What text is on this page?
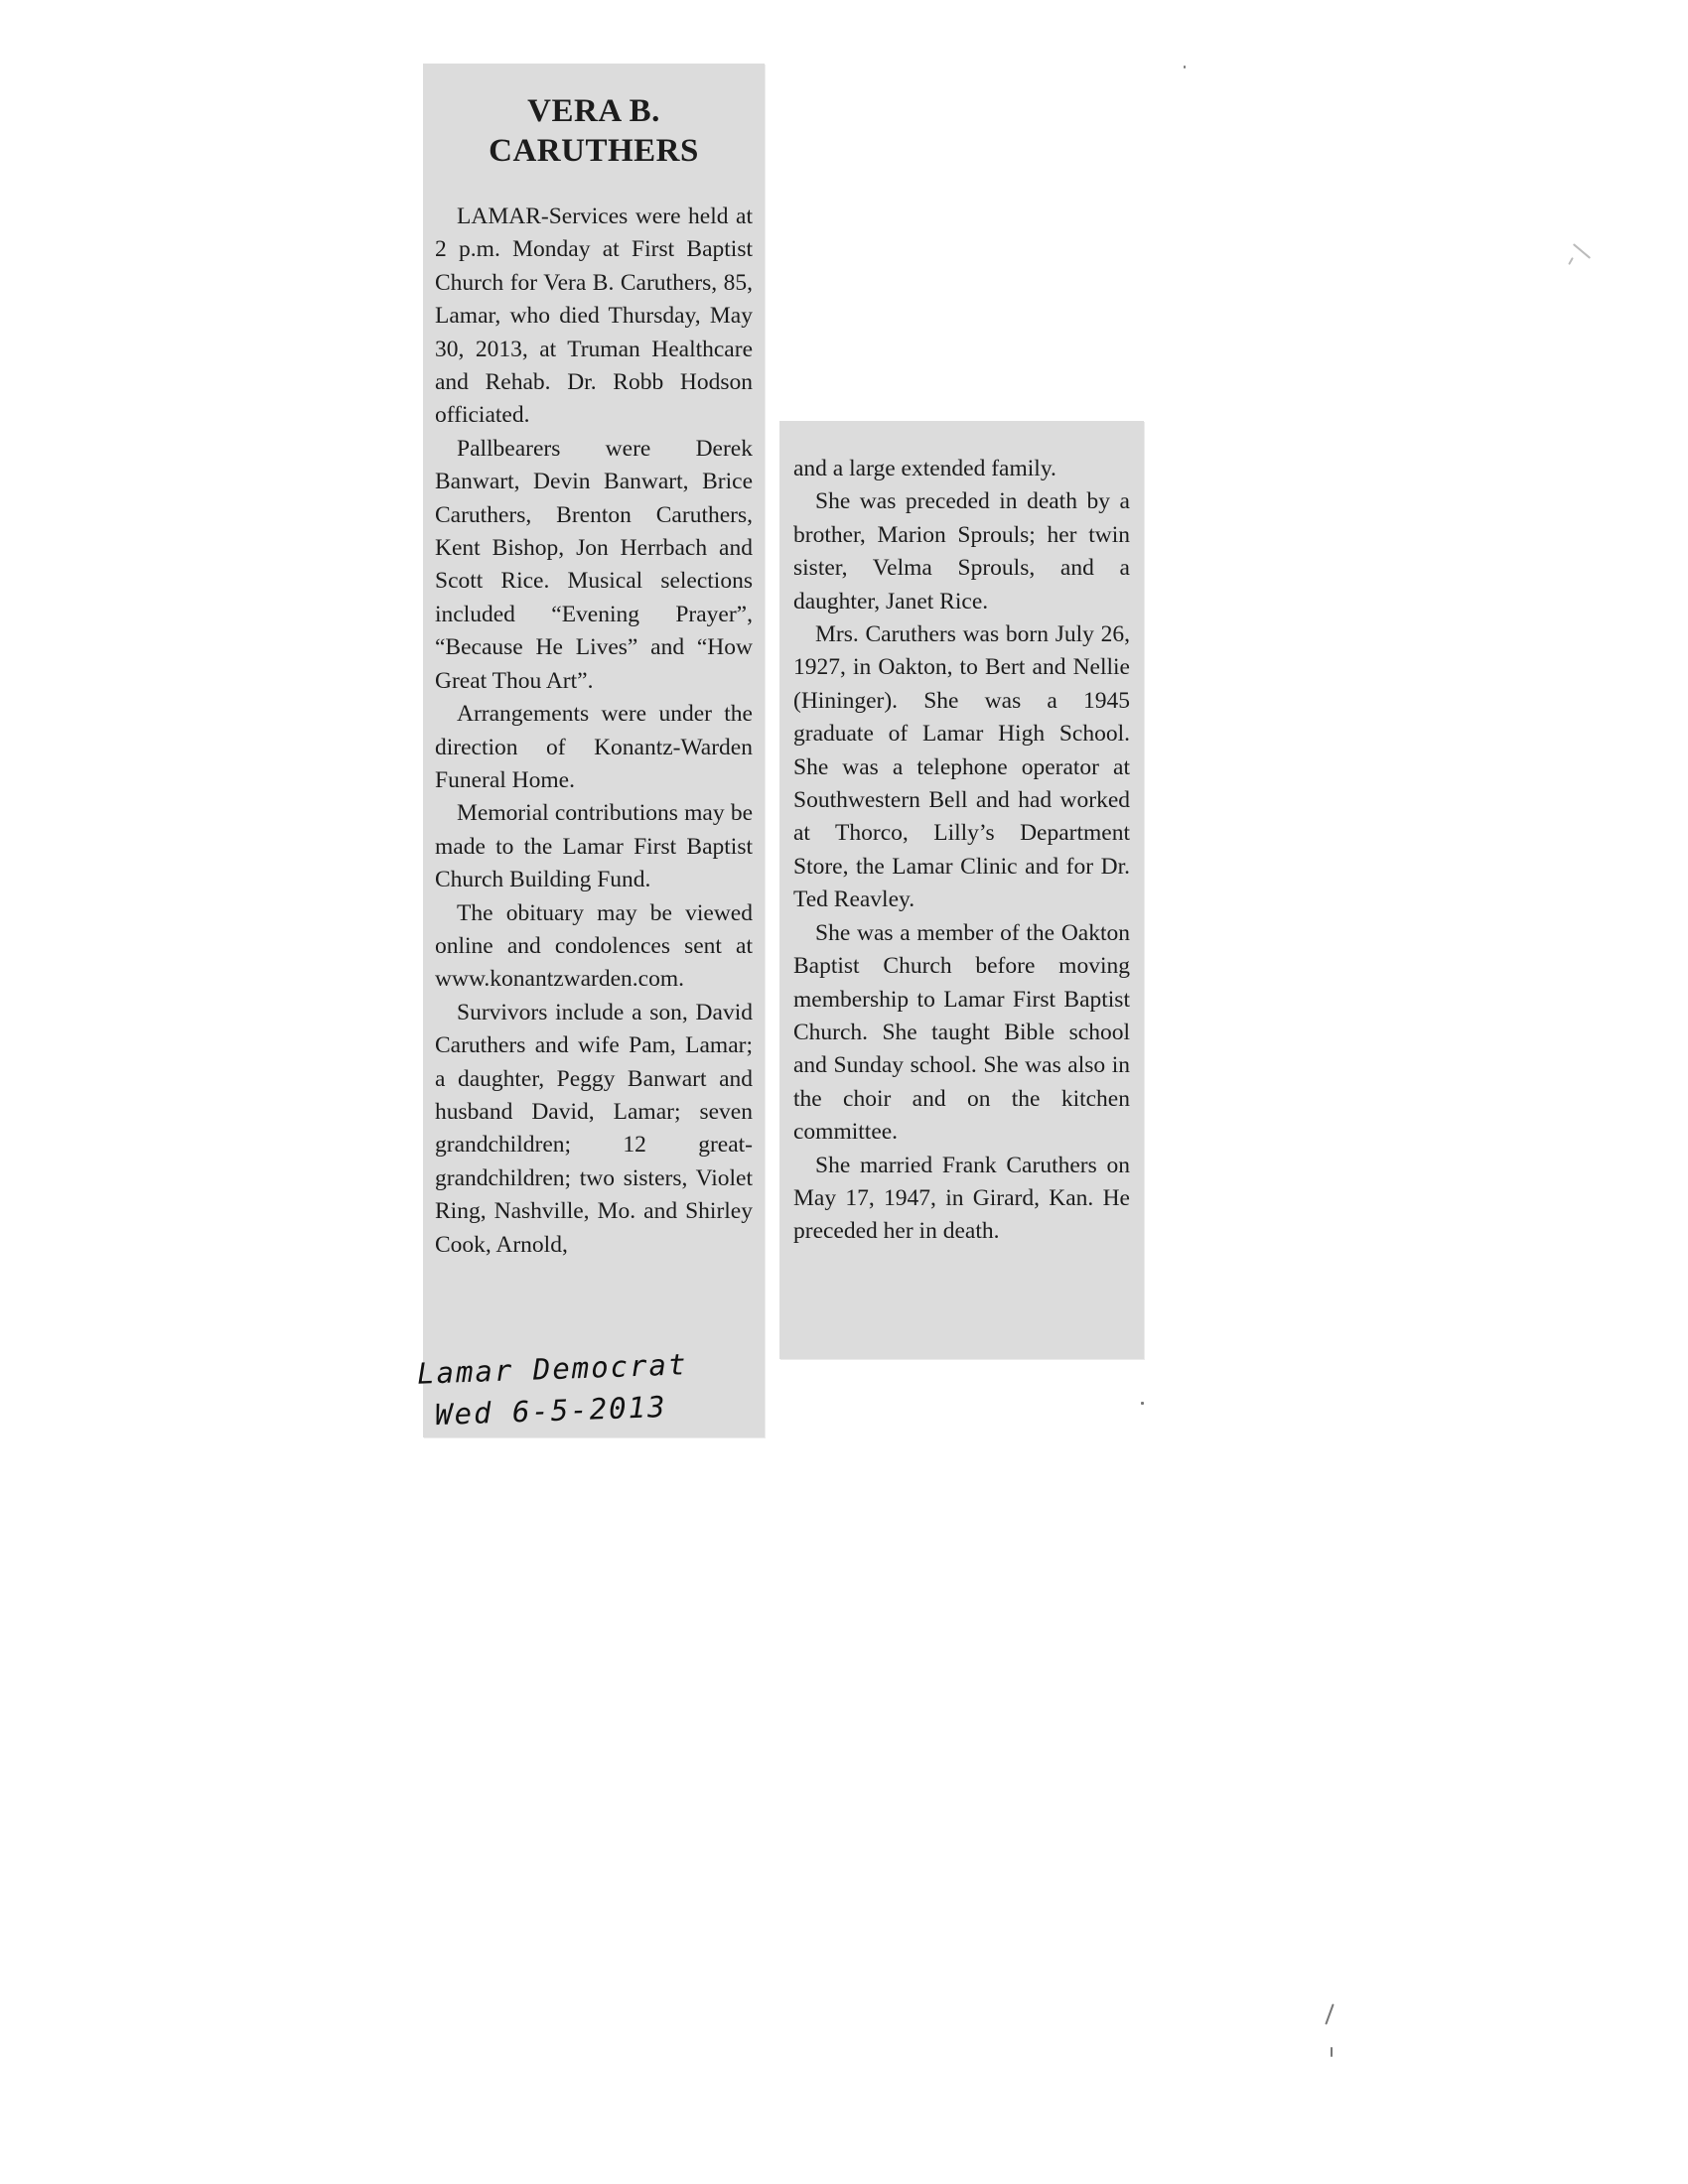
VERA B. CARUTHERS

LAMAR-Services were held at 2 p.m. Monday at First Baptist Church for Vera B. Caruthers, 85, Lamar, who died Thursday, May 30, 2013, at Truman Healthcare and Rehab. Dr. Robb Hodson officiated.

Pallbearers were Derek Banwart, Devin Banwart, Brice Caruthers, Brenton Caruthers, Kent Bishop, Jon Herrbach and Scott Rice. Musical selections included “Evening Prayer”, “Because He Lives” and “How Great Thou Art”.

Arrangements were under the direction of Konantz-Warden Funeral Home.

Memorial contributions may be made to the Lamar First Baptist Church Building Fund.

The obituary may be viewed online and condolences sent at www.konantzwarden.com.

Survivors include a son, David Caruthers and wife Pam, Lamar; a daughter, Peggy Banwart and husband David, Lamar; seven grandchildren; 12 great-grandchildren; two sisters, Violet Ring, Nashville, Mo. and Shirley Cook, Arnold,

and a large extended family.

She was preceded in death by a brother, Marion Sprouls; her twin sister, Velma Sprouls, and a daughter, Janet Rice.

Mrs. Caruthers was born July 26, 1927, in Oakton, to Bert and Nellie (Hininger). She was a 1945 graduate of Lamar High School. She was a telephone operator at Southwestern Bell and had worked at Thorco, Lilly’s Department Store, the Lamar Clinic and for Dr. Ted Reavley.

She was a member of the Oakton Baptist Church before moving membership to Lamar First Baptist Church. She taught Bible school and Sunday school. She was also in the choir and on the kitchen committee.

She married Frank Caruthers on May 17, 1947, in Girard, Kan. He preceded her in death.

Lamar Democrat
Wed 6-5-2013
